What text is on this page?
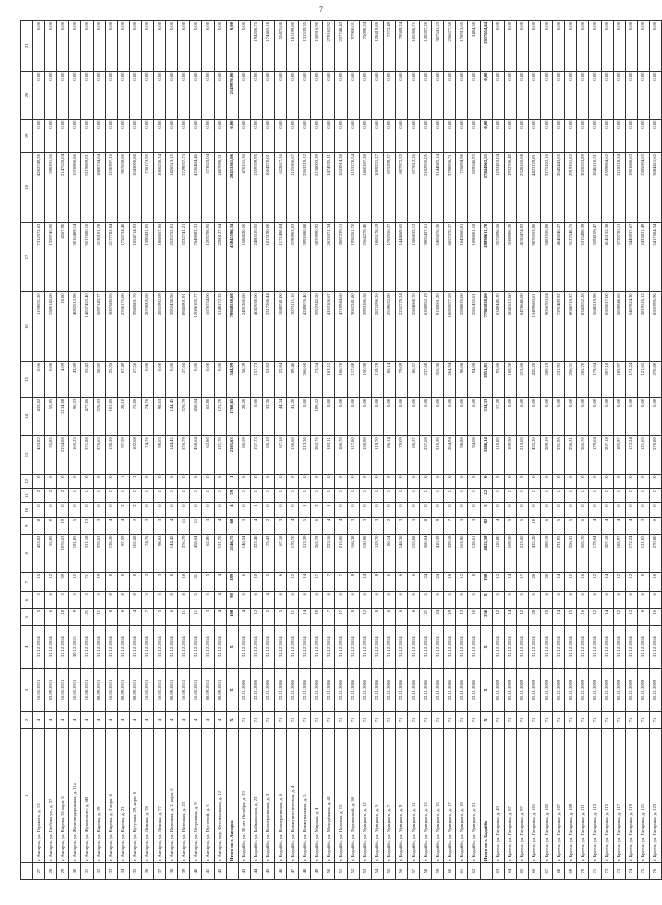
7
	1	2	3	4	5	6	7	8	9	10	11	12	13	14	15	16	17	18	19	20	21
27	г. Ангарск, ул. Горького, д. 13	4	16.05.2011	31.12.2014	5	5	15	453,82	8	0	2	0	433,82	433,82	0,06	1159631,20	7312572,63	4282749,36	0,00	0,00	0,00
28	г. Ангарск, ул. Глебова ул., д. 37	4	03.09.2011	31.12.2014	6	6	12	55,85	0	0	2	0	55,85	55,85	0,00	1580143,00	1359745,00	596391,56	0,00	0,00	0,00
29	г. Ангарск, ул. Кирова, 35 корп. 8	4	16.05.2011	31.12.2014	18	5	59	1076,63	19	0	2	0	2134,88	2134,88	4,09	18,80	4567,90	2147526,04	0,00	0,00	0,00
30	г. Ангарск, ул. Железнодорожная, д. 11а	4	10.05.2011	30.12.2015	9	5	15	191,85	5	0	1	0	165,23	90,23	43,89	4092512,98	3016489,14	1576906,86	0,00	0,00	0,00
31	г. Ангарск, ул. Жуковского, д. 6В	4	10.08.2011	31.12.2014	21	5	71	311,18	13	0	1	0	371,88	477,86	33,43	14837453,40	9217680,10	5119809,01	0,00	0,00	0,00
32	г. Ангарск, ул. Кирова, д. 19	4	08.09.2011	31.12.2014	11	5	19	376,63	3	0	1	0	376,63	376,63	50,85	5697143,77	2136101,78	1880734,64	0,00	0,00	0,00
33	г. Ангарск, ул. Кирова, д. 2 корп. 6	4	16.05.2011	31.12.2014	8	8	8	136,20	4	0	1	0	130,20	101,85	25,35	3007680,05	2177782,84	1230397,16	0,00	0,00	0,00
34	г. Ангарск, ул. Кирова, д. 21	4	08.09.2011	31.12.2014	8	8	8	97,59	4	2	1	1	97,59	28,10	67,49	2766175,00	1758734,40	907838,60	0,00	0,00	0,00
35	г. Ангарск, ул. Кутузова, 29, корп. 6	4	08.09.2011	31.12.2014	4	8	8	102,68	2	2	1	1	102,68	75,06	27,56	3943601,76	1854714,93	1043000,88	0,00	0,00	0,00
36	г. Ангарск, ул. Ленина, д. 78	4	16.05.2011	31.12.2014	7	3	3	74,76	3	0	1	0	74,76	74,76	0,00	2070005,60	1398431,05	736173,95	0,00	0,00	0,00
37	г. Ангарск, ул. Ленина, д. 77	4	16.05.2011	31.12.2014	5	5	3	98,63	3	0	1	0	98,63	98,63	0,00	2851992,09	1868657,66	1006236,34	0,00	0,00	0,00
38	г. Ангарск, ул. Низенная, д. 2, корп. 6	4	08.09.2011	31.12.2014	6	8	8	144,45	4	0	1	0	144,45	144,45	0,00	3952438,96	2525752,01	1426513,15	0,00	0,00	0,00
39	г. Ангарск, ул. Низенная, д. 23	4	16.08.2011	31.12.2014	11	8	18	376,79	11	0	1	0	376,79	376,79	27,66	8945901,91	3332741,21	1729037,73	0,00	0,00	0,00
40	г. Ангарск, ул. Островная, д. 9	4	16.05.2011	31.12.2014	11	5	31	458,64	11	0	1	0	458,64	458,64	0,00	12086105,77	7849882,31	4236484,46	0,00	0,00	0,00
41	г. Ангарск, ул. Пустевой, д. 3	4	08.09.2011	31.12.2014	3	5	5	62,80	3	0	1	0	62,80	62,80	0,00	1676734,00	1203706,95	573023,04	0,00	0,00	0,00
42	г. Ангарск, пер. Фестивальная, д. 12	4	08.09.2011	31.12.2014	4	4	4	121,70	4	0	1	0	121,70	121,70	0,00	3148172,35	2200127,64	1467096,31	0,00	0,00	0,00
	Итого по г. Ангарск	Х	Х	Х	108	90	189	2146,75	68	4	59	1	2105,63	1760,65	344,99	70948530,68	43845596,34	28453361,06	0,00	2149970,00	0,00
43	г. Бодайбо, ул. 30 лет Октября, д. 33	71	22.11.2006	31.12.2014	4	6	6	140,54	3	0	1	0	86,59	28,20	58,39	2491260,00	1586820,50	476131,30	0,00	0,00	0,00
44	г. Бодайбо, ул. Байкальская, д. 23	71	22.11.2006	31.12.2014	12	6	10	323,46	4	1	1	0	157,73	0,00	157,73	4047038,00	2480310,05	1359709,95	0,00	0,00	194206,75
45	г. Бодайбо, ул. Кооперативная, д. 3	71	22.11.2006	31.12.2014	5	4	5	75,43	2	0	1	0	85,18	32,36	52,82	3317260,44	1813190,00	1064370,01	0,00	0,00	174465,18
46	г. Бодайбо, ул. Кооперативная, д. 6	71	22.11.2006	31.12.2014	5	6	6	67,18	3	0	1	0	67,18	44,34	22,84	1849741,00	1171498,84	622817,16	0,00	0,00	55475,00
47	г. Бодайбо, ул. Коммунистическая, д. 4	71	22.11.2006	31.12.2014	11	6	12	170,70	4	0	1	0	130,60	41,20	89,40	3075111,16	2190963,03	1125306,67	0,00	0,00	181199,80
48	г. Бодайбо, ул. Коммунальная, д. 5	71	22.11.2006	31.12.2014	14	6	14	213,39	5	1	1	0	213,30	0,00	366,60	4249076,40	3991080,88	2363219,12	0,00	0,00	131539,35
49	г. Бодайбо, ул. Мирная, д. 4	71	22.11.2006	31.12.2014	18	6	17	262,78	6	2	1	0	282,76	189,22	73,54	5922342,50	3870990,92	2138003,39	0,00	0,00	150916,90
50	г. Бодайбо, ул. Молодёжная, д. 41	71	22.11.2006	31.12.2014	7	6	7	223,16	4	1	1	0	163,11	0,00	163,11	4163106,67	2631071,34	1474935,11	0,00	0,00	279162,92
51	г. Бодайбо, ул. Полевая, д. 15	71	22.11.2006	31.12.2014	17	6	7	213,60	4	0	1	0	186,70	0,00	186,70	4710944,60	3087239,11	1633914,38	0,00	0,00	227748,43
52	г. Бодайбо, ул. Терешковой, д. 38	71	22.11.2006	31.12.2014	8	6	8	166,38	3	0	1	0	117,80	0,00	117,80	3062241,80	1958261,70	1153170,54	0,00	0,00	97900,01
53	г. Бодайбо, ул. Урицкого, д. 12	71	22.11.2006	31.12.2014	12	6	14	150,98	3	0	1	0	150,98	0,00	150,98	3993186,58	2564279,40	1460187,38	0,00	0,00	75090,24
54	г. Бодайбо, ул. Урицкого, д. 5	71	22.11.2006	31.12.2014	8	6	8	119,70	3	0	1	0	119,70	0,00	119,70	2871096,26	1865178,19	1009221,27	0,00	0,00	128419,89
55	г. Бодайбо, ул. Урицкого, д. 7	71	22.11.2006	31.12.2014	6	6	6	86,14	2	0	1	0	86,14	0,00	86,14	2539632,00	1792556,27	875399,37	0,00	0,00	7272,49
56	г. Бодайбо, ул. Урицкого, д. 9	71	22.11.2006	31.12.2014	6	6	6	148,36	3	0	1	0	79,09	0,00	79,09	2252779,24	1444869,65	807972,35	0,00	0,00	79589,24
57	г. Бодайбо, ул. Урицкого, д. 11	71	22.11.2006	31.12.2014	8	6	6	155,08	3	0	1	0	86,57	0,00	86,57	2584008,70	1586835,12	877812,26	0,00	0,00	105300,71
58	г. Бодайбо, ул. Урицкого, д. 13	71	22.11.2006	31.12.2014	21	6	24	360,04	8	0	1	0	237,68	0,00	237,68	6208952,19	3905437,61	2182935,05	0,00	0,00	120597,20
59	г. Бодайбо, ул. Урицкого, д. 15	71	22.11.2006	31.12.2014	24	6	24	410,59	9	0	1	0	310,30	0,00	310,30	9130061,20	5465076,36	3144085,14	0,00	0,00	307541,23
60	г. Бодайбо, ул. Урицкого, д. 17	71	22.11.2006	31.12.2014	19	6	18	329,18	7	0	1	0	264,94	0,00	264,94	10692077,59	6657370,27	3798936,71	0,00	0,00	226677,50
61	г. Бодайбо, ул. Урицкого, д. 19	71	22.11.2006	31.12.2014	13	6	12	163,96	3	0	1	0	98,88	0,00	98,88	2598870,00	1643060,81	776894,98	0,00	0,00	170913,65
62	г. Бодайбо, ул. Урицкого, д. 21	71	22.11.2006	31.12.2014	10	6	8	128,61	3	0	1	0	94,08	0,00	94,08	2561432,61	1698601,18	859346,93	0,00	0,00	3484,50
	Итого по г. Бодайбо	Х	Х	Х	256	Х	198	4022,58	82	5	22	0	3286,14	334,33	2951,81	77965828,00	49890611,70	27844962,55	0,00	0,00	2957054,64
63	г. Братск, ул. Гагарина, д. 43	71	05.11.2009	31.12.2014	12	6	12	110,80	4	0	1	0	110,80	17,20	93,60	6349440,20	3572896,56	1192453,04	0,00	0,00	0,00
64	г. Братск, ул. Гагарина, д. 87	71	05.11.2009	31.12.2014	14	6	14	169,50	5	0	1	0	169,50	0,00	169,50	5041612,60	3108906,20	1932706,40	0,00	0,00	0,00
65	г. Братск, ул. Гагарина, д. 97	71	05.11.2009	31.12.2014	12	6	17	213,60	5	0	1	0	213,60	0,00	213,60	6478640,00	4150474,92	2328165,08	0,00	0,00	0,00
66	г. Братск, ул. Гагарина, д. 101	71	05.11.2009	31.12.2014	28	6	28	435,20	10	0	1	0	435,20	0,00	435,20	13499683,61	9076553,80	4423129,81	0,00	0,00	0,00
67	г. Братск, ул. Гагарина, д. 105	71	05.11.2009	31.12.2014	19	6	20	289,19	6	0	1	0	289,19	0,00	289,19	9056783,04	5881620,88	3175162,16	0,00	0,00	0,00
68	г. Братск, ул. Гагарина, д. 107	71	05.11.2009	31.12.2014	14	6	14	231,95	5	0	1	0	231,95	0,00	231,95	7291489,92	4646046,27	2645443,65	0,00	0,00	0,00
69	г. Братск, ул. Гагарина, д. 109	71	05.11.2009	31.12.2014	15	6	15	256,31	5	0	1	0	256,31	0,00	256,31	8046710,37	5127548,75	2919161,62	0,00	0,00	0,00
70	г. Братск, ул. Гагарина, д. 111	71	05.11.2009	31.12.2014	16	6	16	265,70	6	0	1	0	265,70	0,00	265,70	8342052,28	5315498,39	3026553,89	0,00	0,00	0,00
71	г. Братск, ул. Гагарина, д. 113	71	05.11.2009	31.12.2014	12	6	12	179,64	4	0	1	0	179,64	0,00	179,64	5640219,98	3594109,47	2046110,51	0,00	0,00	0,00
72	г. Братск, ул. Гагарина, д. 115	71	05.11.2009	31.12.2014	14	6	14	207,18	4	0	1	0	207,18	0,00	207,18	6505017,00	4145152,38	2359864,62	0,00	0,00	0,00
73	г. Братск, ул. Гагарина, д. 117	71	05.11.2009	31.12.2014	12	6	12	185,97	4	0	1	0	185,97	0,00	185,97	5838948,65	3720730,11	2118218,54	0,00	0,00	0,00
74	г. Братск, ул. Гагарина, д. 119	71	05.11.2009	31.12.2014	12	6	12	172,24	4	0	1	0	172,24	0,00	172,24	5407824,30	3445937,67	1961886,63	0,00	0,00	0,00
75	г. Братск, ул. Гагарина, д. 121	71	05.11.2009	31.12.2014	8	6	8	121,65	3	0	1	0	121,65	0,00	121,65	3819516,12	2433821,49	1385694,63	0,00	0,00	0,00
76	г. Братск, ул. Гагарина, д. 123	71	05.11.2009	31.12.2014	16	6	16	270,80	6	0	1	0	270,80	0,00	270,80	8501995,96	5417584,34	3084411,62	0,00	0,00	0,00
